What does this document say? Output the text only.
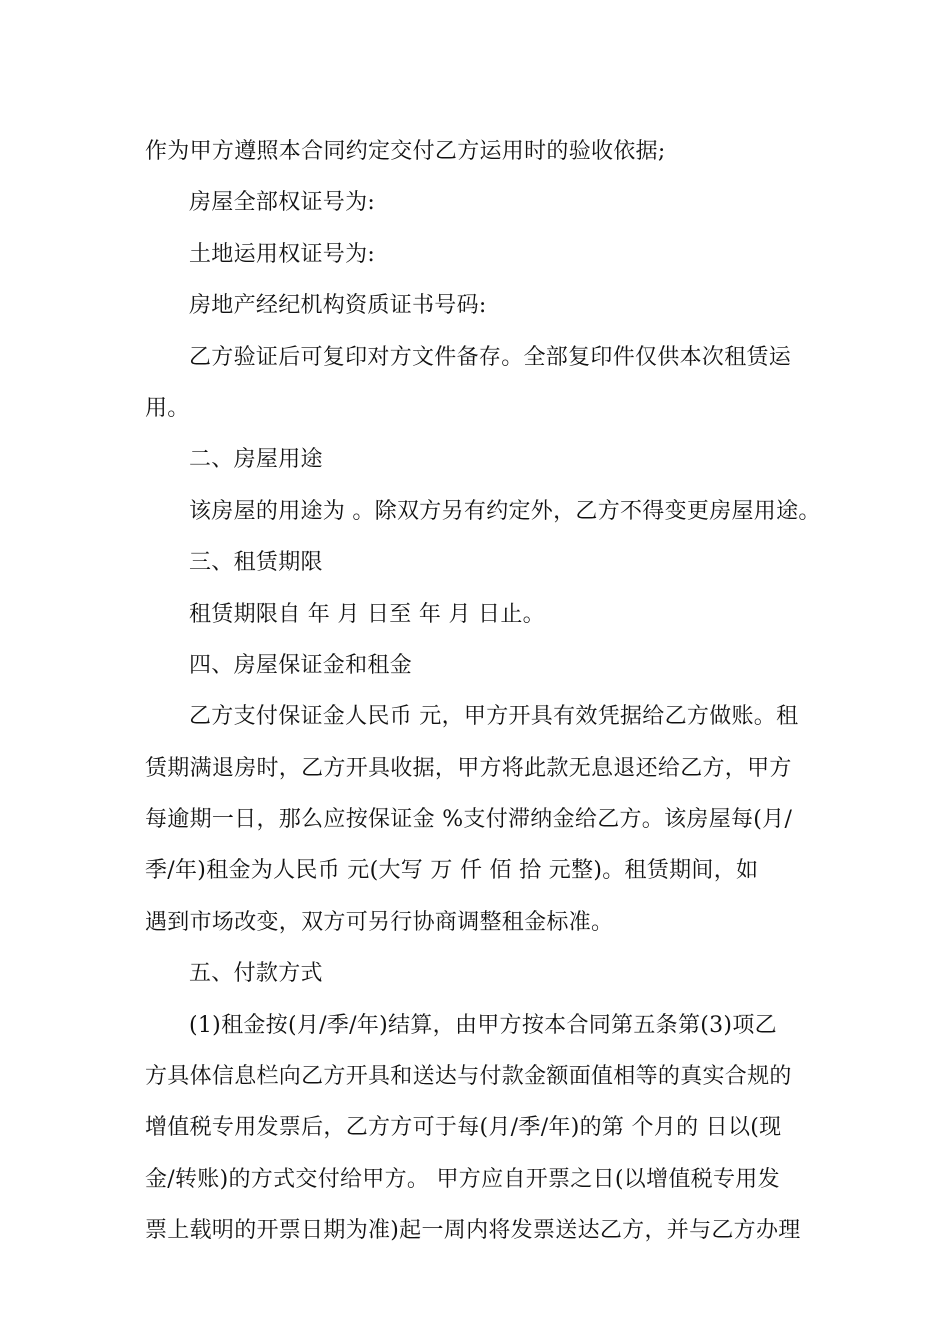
作为甲方遵照本合同约定交付乙方运用时的验收依据;
房屋全部权证号为:
土地运用权证号为:
房地产经纪机构资质证书号码:
乙方验证后可复印对方文件备存。全部复印件仅供本次租赁运
用。
二、房屋用途
该房屋的用途为 。除双方另有约定外，乙方不得变更房屋用途。
三、租赁期限
租赁期限自 年 月 日至 年 月 日止。
四、房屋保证金和租金
乙方支付保证金人民币 元，甲方开具有效凭据给乙方做账。租
赁期满退房时，乙方开具收据，甲方将此款无息退还给乙方，甲方
每逾期一日，那么应按保证金 %支付滞纳金给乙方。该房屋每(月/
季/年)租金为人民币 元(大写 万 仟 佰 拾 元整)。租赁期间，如
遇到市场改变，双方可另行协商调整租金标准。
五、付款方式
(1)租金按(月/季/年)结算，由甲方按本合同第五条第(3)项乙
方具体信息栏向乙方开具和送达与付款金额面值相等的真实合规的
增值税专用发票后，乙方方可于每(月/季/年)的第 个月的 日以(现
金/转账)的方式交付给甲方。 甲方应自开票之日(以增值税专用发
票上载明的开票日期为准)起一周内将发票送达乙方，并与乙方办理
